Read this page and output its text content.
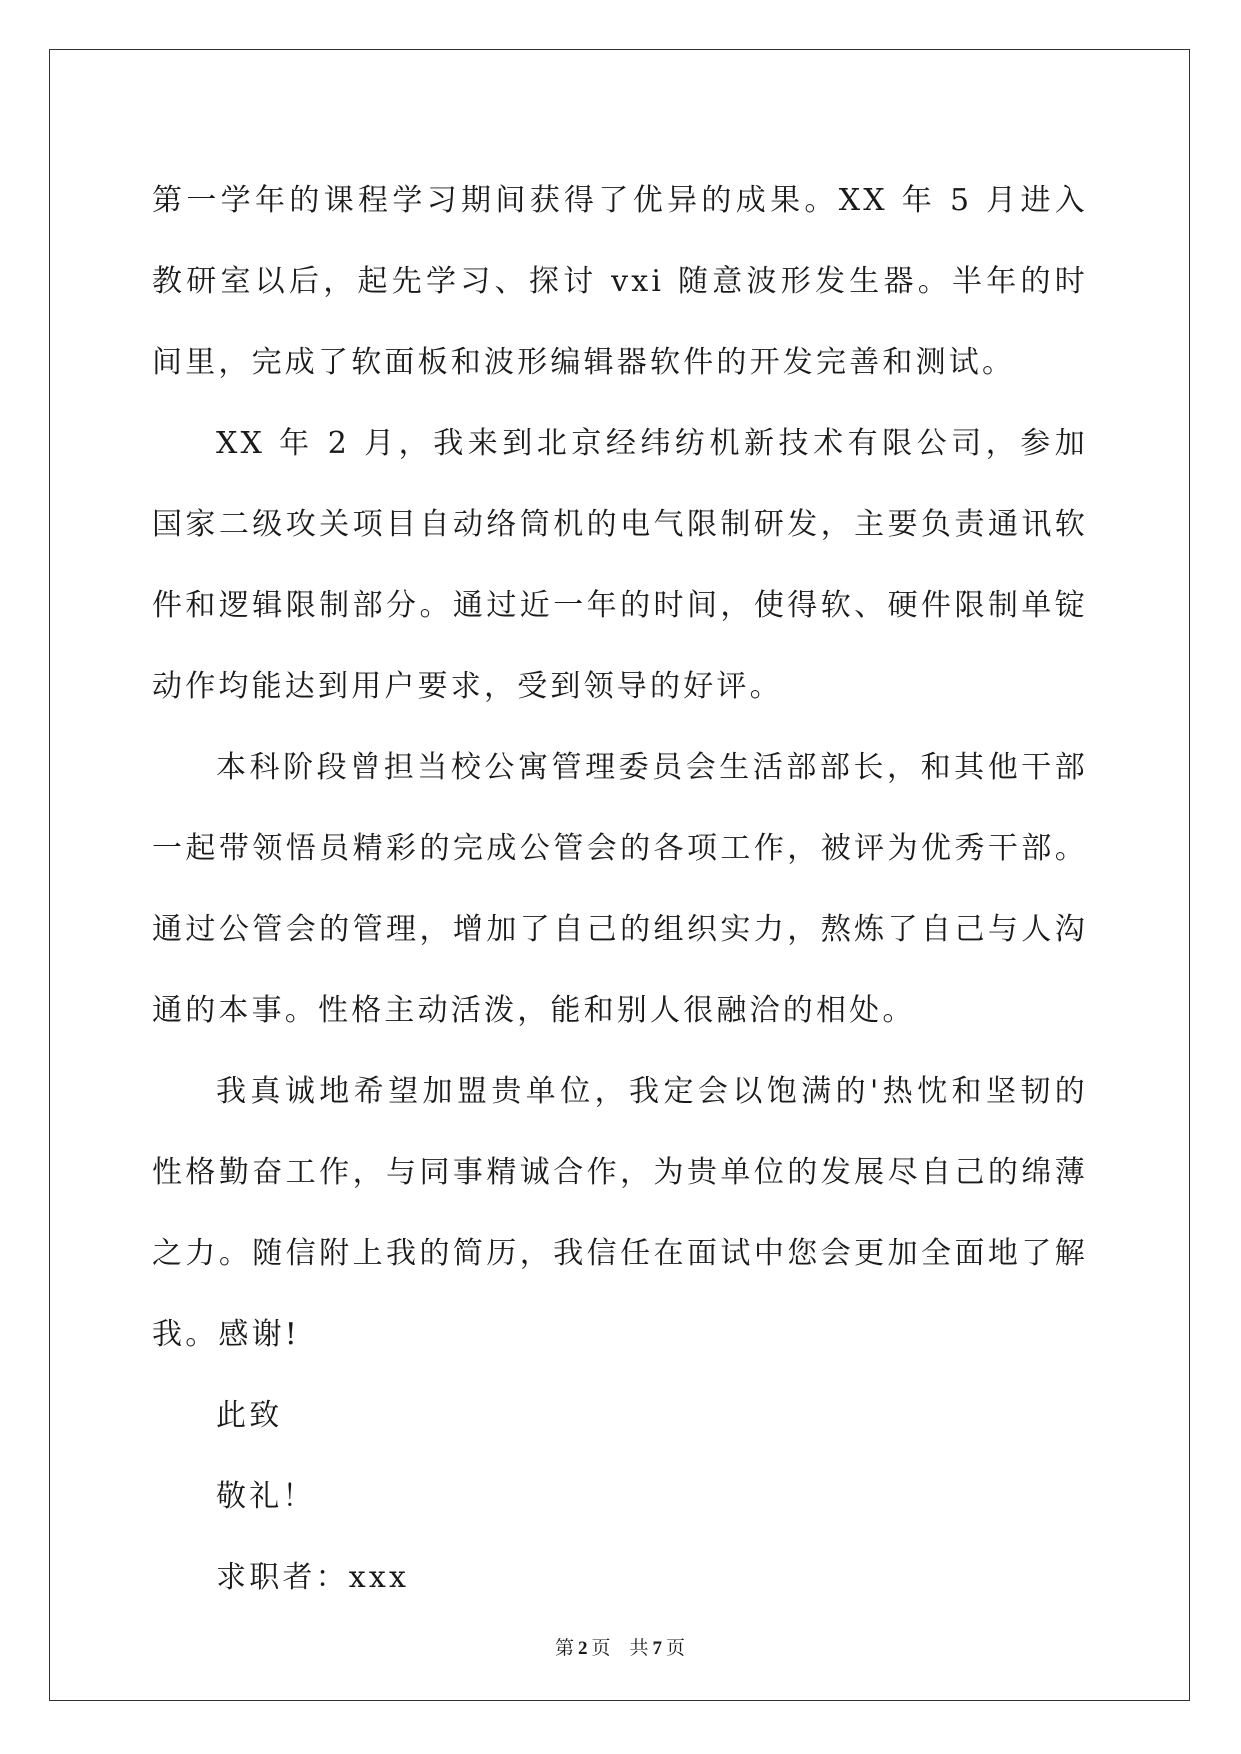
第一学年的课程学习期间获得了优异的成果。XX 年 5 月进入教研室以后，起先学习、探讨 vxi 随意波形发生器。半年的时间里，完成了软面板和波形编辑器软件的开发完善和测试。

XX 年 2 月，我来到北京经纬纺机新技术有限公司，参加国家二级攻关项目自动络筒机的电气限制研发，主要负责通讯软件和逻辑限制部分。通过近一年的时间，使得软、硬件限制单锭动作均能达到用户要求，受到领导的好评。

本科阶段曾担当校公寓管理委员会生活部部长，和其他干部一起带领悟员精彩的完成公管会的各项工作，被评为优秀干部。通过公管会的管理，增加了自己的组织实力，熬炼了自己与人沟通的本事。性格主动活泼，能和别人很融洽的相处。

我真诚地希望加盟贵单位，我定会以饱满的'热忱和坚韧的性格勤奋工作，与同事精诚合作，为贵单位的发展尽自己的绵薄之力。随信附上我的简历，我信任在面试中您会更加全面地了解我。感谢!

此致

敬礼！

求职者：xxx

第 2 页 共 7 页
